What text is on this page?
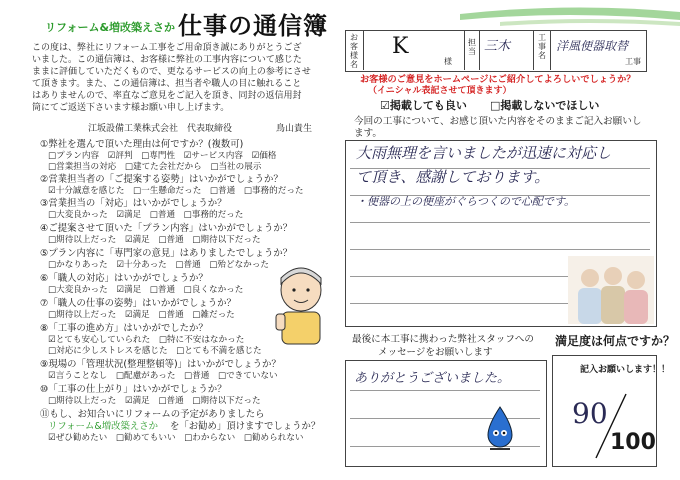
リフォーム&増改築えさか 仕事の通信簿
この度は、弊社にリフォーム工事をご用命頂き誠にありがとうござ
いました。この通信簿は、お客様に弊社の工事内容について感じた
ままに評価していただくもので、更なるサービスの向上の参考にさせ
て頂きます。また、この通信簿は、担当者や職人の目に触れること
はありませんので、率直なご意見をご記入を頂き、同封の返信用封
筒にてご返送下さいます様お願い申し上げます。
江坂設備工業株式会社　代表取締役	鳥山貴生
①弊社を選んで頂いた理由は何ですか？(複数可)
□プラン内容　☑評判　□専門性　☑サービス内容　☑価格
□営業担当の対応　□建てた会社だから　□当社の展示
②営業担当者の「ご提案する姿勢」はいかがでしょうか？
☑十分誠意を感じた　□一生懸命だった　□普通　□事務的だった
③営業担当の「対応」はいかがでしょうか？
□大変良かった　☑満足　□普通　□事務的だった
④ご提案させて頂いた「プラン内容」はいかがでしょうか？
□期待以上だった　☑満足　□普通　□期待以下だった
⑤プラン内容に「専門家の意見」はありましたでしょうか？
□かなりあった　☑十分あった　□普通　□殆どなかった
⑥「職人の対応」はいかがでしょうか？
□大変良かった　☑満足　□普通　□良くなかった
⑦「職人の仕事の姿勢」はいかがでしょうか？
□期待以上だった　☑満足　□普通　□雑だった
⑧「工事の進め方」はいかがでしたか？
☑とても安心していられた　□特に不安はなかった
□対応に少しストレスを感じた　□とても不満を感じた
⑨現場の「管理状況(整理整頓等)」はいかがでしょうか？
☑言うことなし　□配慮があった　□普通　□できていない
⑩「工事の仕上がり」はいかがでしょうか？
□期待以上だった　☑満足　□普通　□期待以下だった
⑪もし、お知合いにリフォームの予定がありましたら
リフォーム&増改築えさか を「お勧め」頂けますでしょうか？
☑ぜひ勧めたい　□勧めてもいい　□わからない　□勧められない
お客様名
K
様
担当 三木
工事名
洋風便器取替
工事
お客様のご意見をホームページにご紹介してよろしいでしょうか？
（イニシャル表記させて頂きます）
☑掲載しても良い □掲載しないでほしい
今回の工事について、お感じ頂いた内容をそのままご記入お願いします。
大雨無理を言いましたが迅速に対応し
て頂き、感謝しております。
・便器の上の便座がぐらつくので心配です。
最後に本工事に携わった弊社スタッフへの
メッセージをお願いします
ありがとうございました。
満足度は何点ですか？
記入お願いします！！
90
100
